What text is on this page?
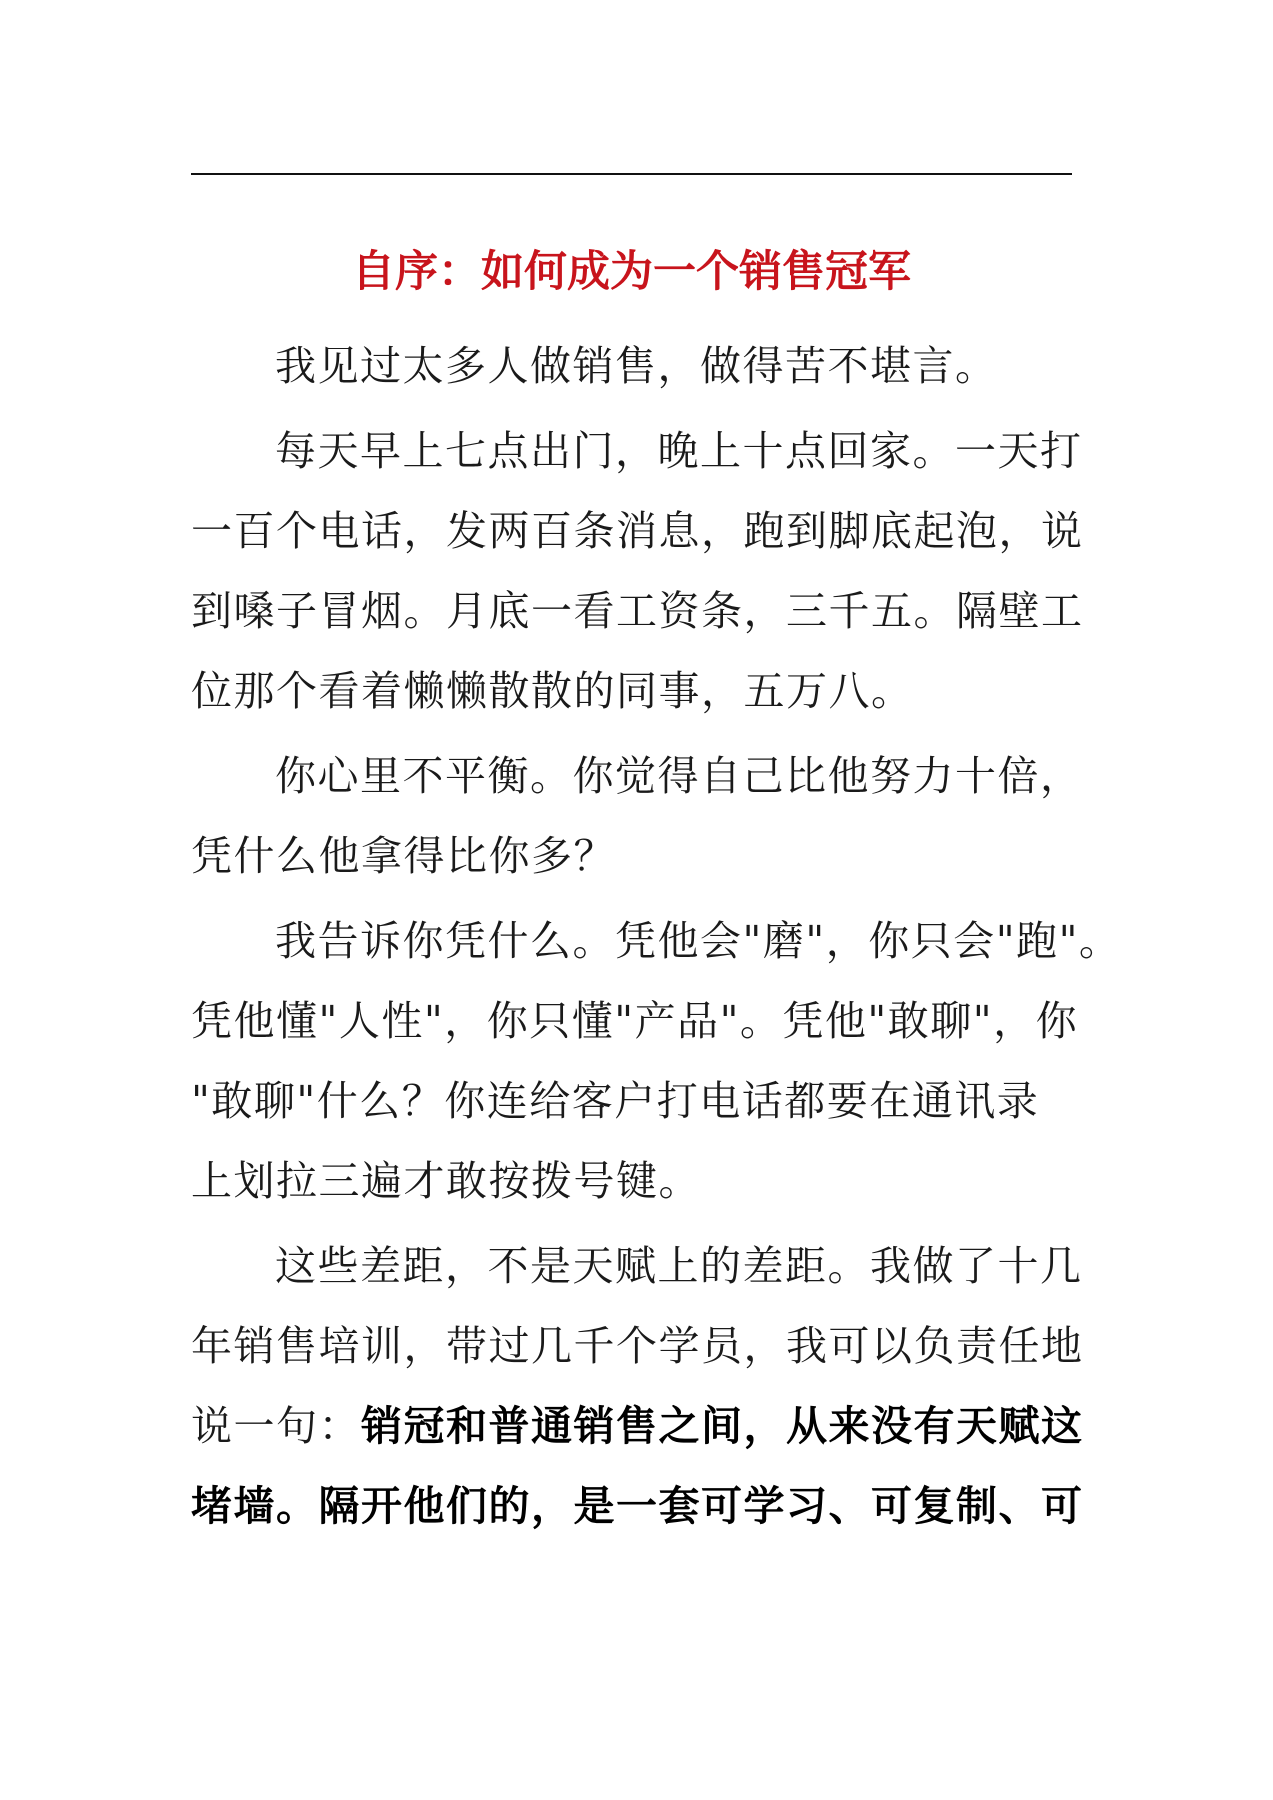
自序：如何成为一个销售冠军
我见过太多人做销售，做得苦不堪言。
每天早上七点出门，晚上十点回家。一天打
一百个电话，发两百条消息，跑到脚底起泡，说
到嗓子冒烟。月底一看工资条，三千五。隔壁工
位那个看着懒懒散散的同事，五万八。
你心里不平衡。你觉得自己比他努力十倍，
凭什么他拿得比你多？
我告诉你凭什么。凭他会"磨"，你只会"跑"。
凭他懂"人性"，你只懂"产品"。凭他"敢聊"，你
"敢聊"什么？你连给客户打电话都要在通讯录
上划拉三遍才敢按拨号键。
这些差距，不是天赋上的差距。我做了十几
年销售培训，带过几千个学员，我可以负责任地
说一句：销冠和普通销售之间，从来没有天赋这
堵墙。隔开他们的，是一套可学习、可复制、可
